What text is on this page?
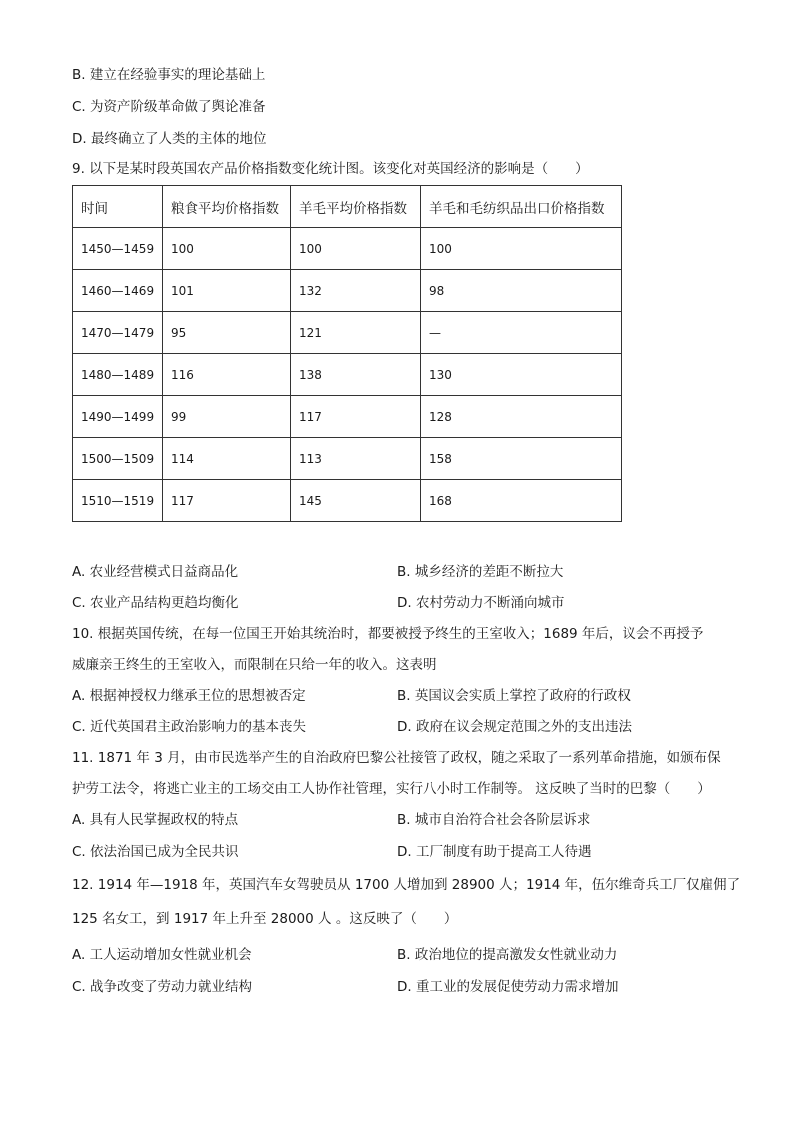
B. 建立在经验事实的理论基础上
C. 为资产阶级革命做了舆论准备
D. 最终确立了人类的主体的地位
9. 以下是某时段英国农产品价格指数变化统计图。该变化对英国经济的影响是（　　）
时间	粮食平均价格指数	羊毛平均价格指数	羊毛和毛纺织品出口价格指数
1450—1459	100	100	100
1460—1469	101	132	98
1470—1479	95	121	—
1480—1489	116	138	130
1490—1499	99	117	128
1500—1509	114	113	158
1510—1519	117	145	168
A. 农业经营模式日益商品化	B. 城乡经济的差距不断拉大
C. 农业产品结构更趋均衡化	D. 农村劳动力不断涌向城市
10. 根据英国传统，在每一位国王开始其统治时，都要被授予终生的王室收入；1689 年后，议会不再授予
威廉亲王终生的王室收入，而限制在只给一年的收入。这表明
A. 根据神授权力继承王位的思想被否定	B. 英国议会实质上掌控了政府的行政权
C. 近代英国君主政治影响力的基本丧失	D. 政府在议会规定范围之外的支出违法
11. 1871 年 3 月，由市民选举产生的自治政府巴黎公社接管了政权，随之采取了一系列革命措施，如颁布保
护劳工法令，将逃亡业主的工场交由工人协作社管理，实行八小时工作制等。 这反映了当时的巴黎（　　）
A. 具有人民掌握政权的特点	B. 城市自治符合社会各阶层诉求
C. 依法治国已成为全民共识	D. 工厂制度有助于提高工人待遇
12. 1914 年—1918 年，英国汽车女驾驶员从 1700 人增加到 28900 人；1914 年，伍尔维奇兵工厂仅雇佣了
125 名女工，到 1917 年上升至 28000 人 。这反映了（　　）
A. 工人运动增加女性就业机会	B. 政治地位的提高激发女性就业动力
C. 战争改变了劳动力就业结构	D. 重工业的发展促使劳动力需求增加
